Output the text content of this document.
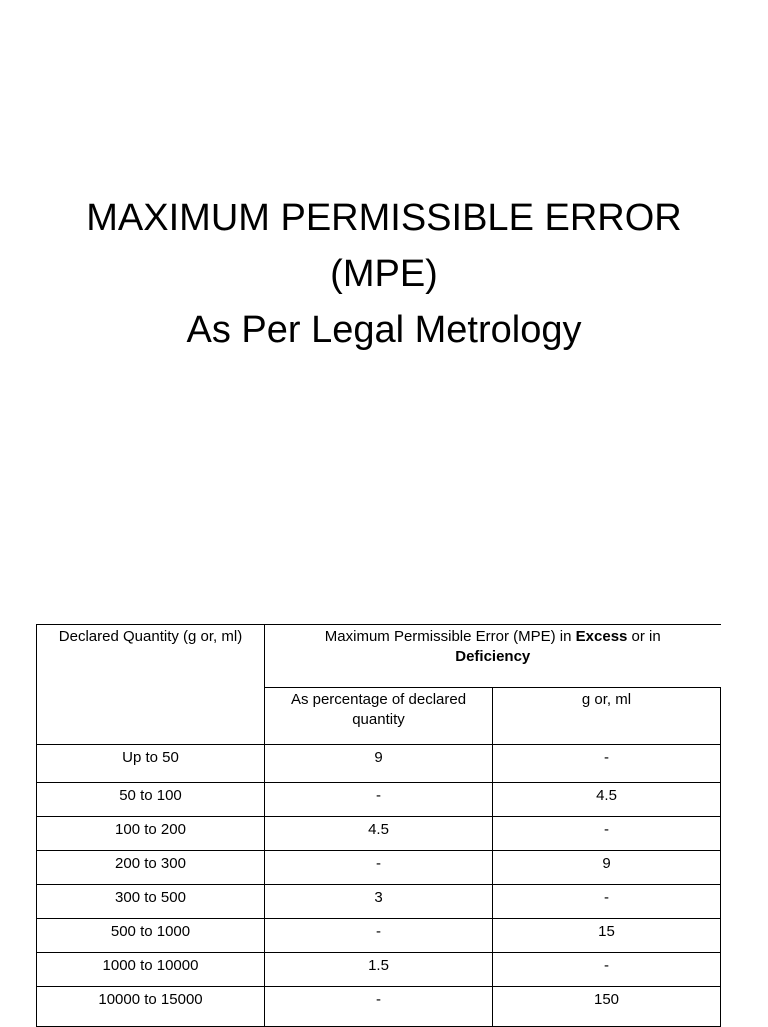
MAXIMUM PERMISSIBLE ERROR
(MPE)
As Per Legal Metrology
Declared Quantity (g or, ml)	Maximum Permissible Error (MPE) in Excess or in
Deficiency	
	As percentage of declared quantity	g or, ml
Up to 50	9	-
50 to 100	-	4.5
100 to 200	4.5	-
200 to 300	-	9
300 to 500	3	-
500 to 1000	-	15
1000 to 10000	1.5	-
10000 to 15000	-	150
